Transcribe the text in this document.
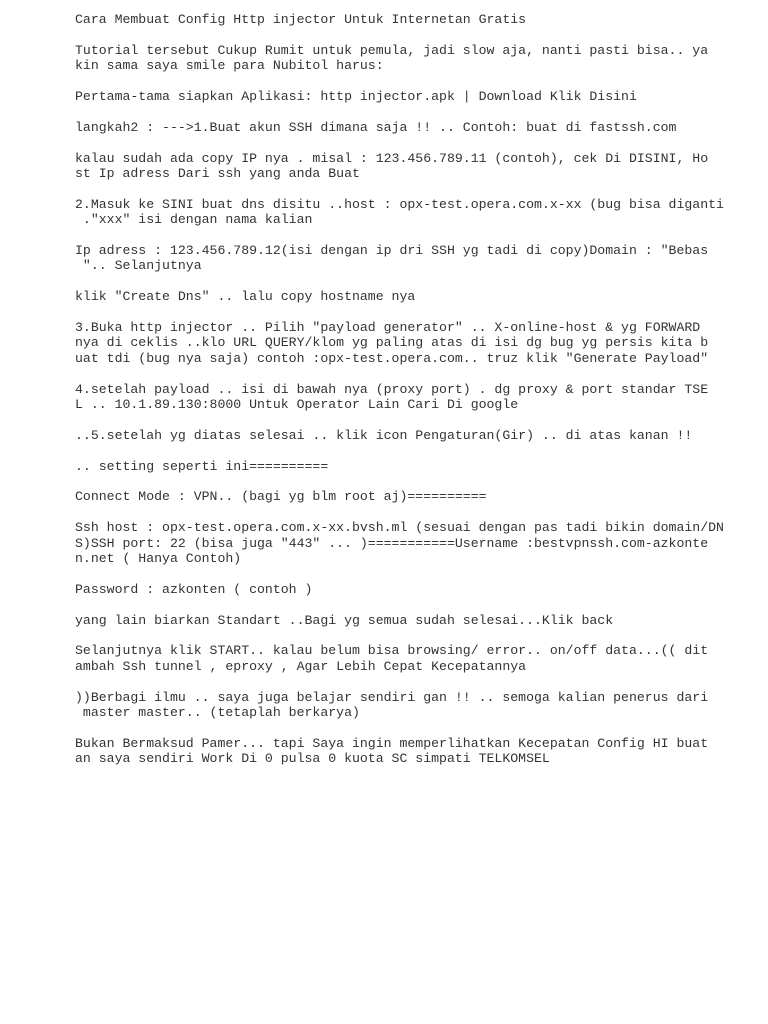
Cara Membuat Config Http injector Untuk Internetan Gratis
Tutorial tersebut Cukup Rumit untuk pemula, jadi slow aja, nanti pasti bisa.. ya
kin sama saya smile para Nubitol harus:
Pertama-tama siapkan Aplikasi: http injector.apk | Download Klik Disini
langkah2 : --->1.Buat akun SSH dimana saja !! .. Contoh: buat di fastssh.com
kalau sudah ada copy IP nya . misal : 123.456.789.11 (contoh), cek Di DISINI, Ho
st Ip adress Dari ssh yang anda Buat
2.Masuk ke SINI buat dns disitu ..host : opx-test.opera.com.x-xx (bug bisa diganti
."xxx" isi dengan nama kalian
Ip adress : 123.456.789.12(isi dengan ip dri SSH yg tadi di copy)Domain : "Bebas
".. Selanjutnya
klik "Create Dns" .. lalu copy hostname nya
3.Buka http injector .. Pilih "payload generator" .. X-online-host & yg FORWARD
nya di ceklis ..klo URL QUERY/klom yg paling atas di isi dg bug yg persis kita b
uat tdi (bug nya saja) contoh :opx-test.opera.com.. truz klik "Generate Payload"
4.setelah payload .. isi di bawah nya (proxy port) . dg proxy & port standar TSE
L .. 10.1.89.130:8000 Untuk Operator Lain Cari Di google
..5.setelah yg diatas selesai .. klik icon Pengaturan(Gir) .. di atas kanan !!
.. setting seperti ini==========
Connect Mode : VPN.. (bagi yg blm root aj)==========
Ssh host : opx-test.opera.com.x-xx.bvsh.ml (sesuai dengan pas tadi bikin domain/DN
S)SSH port: 22 (bisa juga "443" ... )===========Username :bestvpnssh.com-azkonte
n.net ( Hanya Contoh)
Password : azkonten ( contoh )
yang lain biarkan Standart ..Bagi yg semua sudah selesai...Klik back
Selanjutnya klik START.. kalau belum bisa browsing/ error.. on/off data...(( dit
ambah Ssh tunnel , eproxy , Agar Lebih Cepat Kecepatannya
))Berbagi ilmu .. saya juga belajar sendiri gan !! .. semoga kalian penerus dari
master master.. (tetaplah berkarya)
Bukan Bermaksud Pamer... tapi Saya ingin memperlihatkan Kecepatan Config HI buat
an saya sendiri Work Di 0 pulsa 0 kuota SC simpati TELKOMSEL
